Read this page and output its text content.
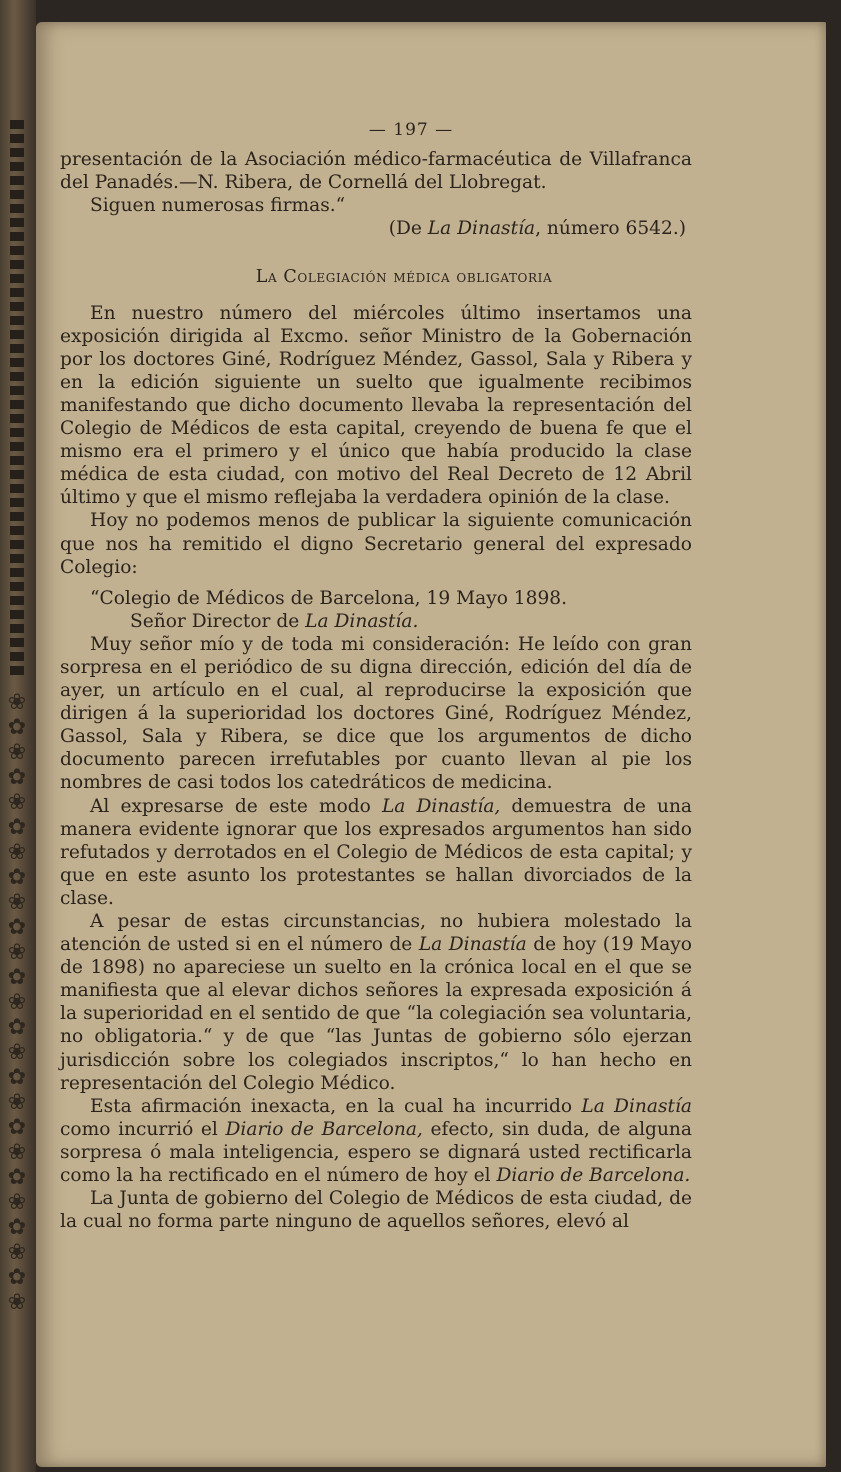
❀
✿
❀
✿
❀
✿
❀
✿
❀
✿
❀
✿
❀
✿
❀
✿
❀
✿
❀
✿
❀
✿
❀
✿
❀
— 197 —

presentación de la Asociación médico-farmacéutica de Villafranca del Panadés.—N. Ribera, de Cornellá del Llobregat.

Siguen numerosas firmas.“

(De La Dinastía, número 6542.)

La Colegiación médica obligatoria

En nuestro número del miércoles último insertamos una exposición dirigida al Excmo. señor Ministro de la Gobernación por los doctores Giné, Rodríguez Méndez, Gassol, Sala y Ribera y en la edición siguiente un suelto que igualmente recibimos manifestando que dicho documento llevaba la representación del Colegio de Médicos de esta capital, creyendo de buena fe que el mismo era el primero y el único que había producido la clase médica de esta ciudad, con motivo del Real Decreto de 12 Abril último y que el mismo reflejaba la verdadera opinión de la clase.

Hoy no podemos menos de publicar la siguiente comunicación que nos ha remitido el digno Secretario general del expresado Colegio:

“Colegio de Médicos de Barcelona, 19 Mayo 1898.

Señor Director de La Dinastía.

Muy señor mío y de toda mi consideración: He leído con gran sorpresa en el periódico de su digna dirección, edición del día de ayer, un artículo en el cual, al reproducirse la exposición que dirigen á la superioridad los doctores Giné, Rodríguez Méndez, Gassol, Sala y Ribera, se dice que los argumentos de dicho documento parecen irrefutables por cuanto llevan al pie los nombres de casi todos los catedráticos de medicina.

Al expresarse de este modo La Dinastía, demuestra de una manera evidente ignorar que los expresados argumentos han sido refutados y derrotados en el Colegio de Médicos de esta capital; y que en este asunto los protestantes se hallan divorciados de la clase.

A pesar de estas circunstancias, no hubiera molestado la atención de usted si en el número de La Dinastía de hoy (19 Mayo de 1898) no apareciese un suelto en la crónica local en el que se manifiesta que al elevar dichos señores la expresada exposición á la superioridad en el sentido de que “la colegiación sea voluntaria, no obligatoria.“ y de que “las Juntas de gobierno sólo ejerzan jurisdicción sobre los colegiados inscriptos,“ lo han hecho en representación del Colegio Médico.

Esta afirmación inexacta, en la cual ha incurrido La Dinastía como incurrió el Diario de Barcelona, efecto, sin duda, de alguna sorpresa ó mala inteligencia, espero se dignará usted rectificarla como la ha rectificado en el número de hoy el Diario de Barcelona.

La Junta de gobierno del Colegio de Médicos de esta ciudad, de la cual no forma parte ninguno de aquellos señores, elevó al
